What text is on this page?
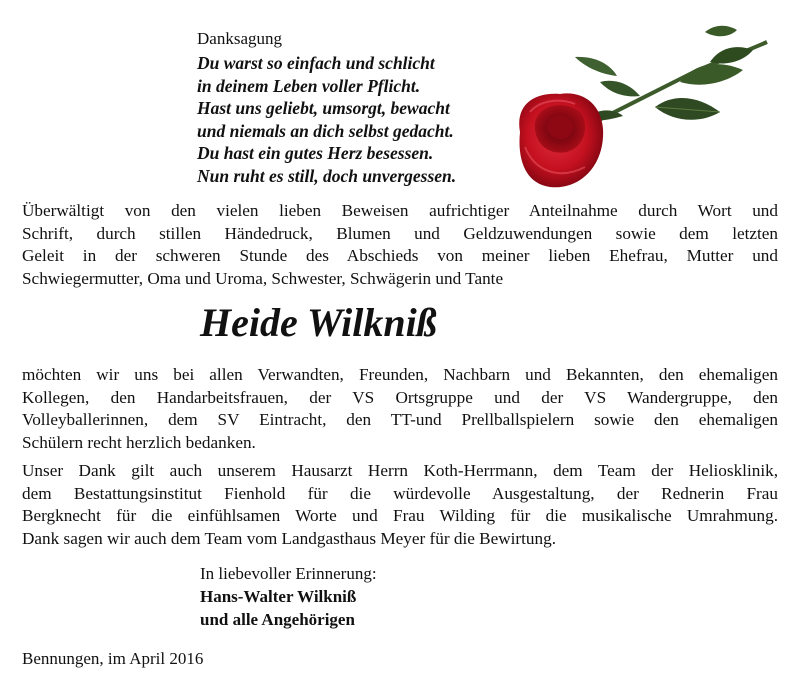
Danksagung
Du warst so einfach und schlicht
in deinem Leben voller Pflicht.
Hast uns geliebt, umsorgt, bewacht
und niemals an dich selbst gedacht.
Du hast ein gutes Herz besessen.
Nun ruht es still, doch unvergessen.
Überwältigt von den vielen lieben Beweisen aufrichtiger Anteilnahme durch Wort und
Schrift, durch stillen Händedruck, Blumen und Geldzuwendungen sowie dem letzten
Geleit in der schweren Stunde des Abschieds von meiner lieben Ehefrau, Mutter und
Schwiegermutter, Oma und Uroma, Schwester, Schwägerin und Tante
Heide Wilkniß
möchten wir uns bei allen Verwandten, Freunden, Nachbarn und Bekannten, den ehemaligen
Kollegen, den Handarbeitsfrauen, der VS Ortsgruppe und der VS Wandergruppe, den
Volleyballerinnen, dem SV Eintracht, den TT-und Prellballspielern sowie den ehemaligen
Schülern recht herzlich bedanken.
Unser Dank gilt auch unserem Hausarzt Herrn Koth-Herrmann, dem Team der Heliosklinik,
dem Bestattungsinstitut Fienhold für die würdevolle Ausgestaltung, der Rednerin Frau
Bergknecht für die einfühlsamen Worte und Frau Wilding für die musikalische Umrahmung.
Dank sagen wir auch dem Team vom Landgasthaus Meyer für die Bewirtung.
In liebevoller Erinnerung:
Hans-Walter Wilkniß
und alle Angehörigen
Bennungen, im April 2016
